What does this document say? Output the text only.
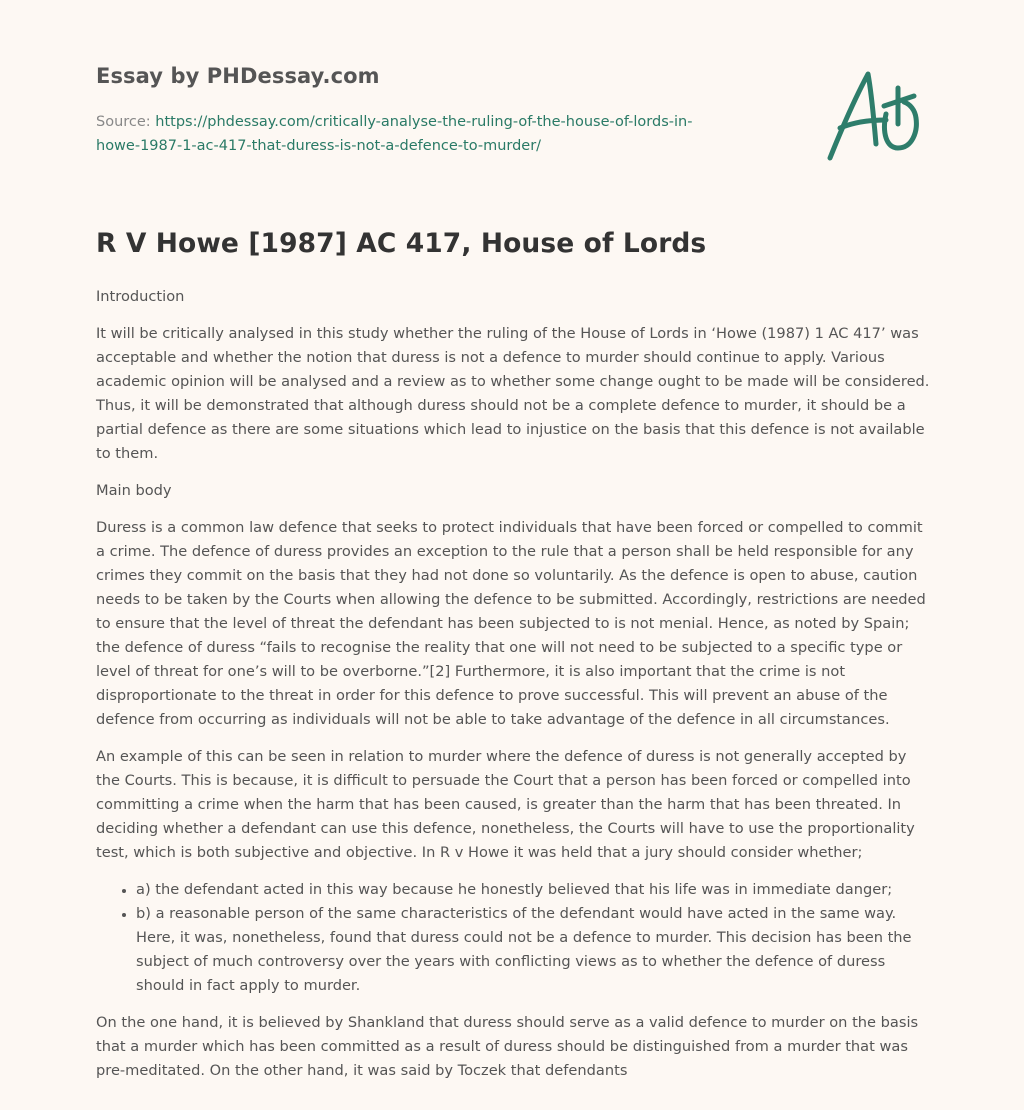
Essay by PHDessay.com
Source: https://phdessay.com/critically-analyse-the-ruling-of-the-house-of-lords-in-
howe-1987-1-ac-417-that-duress-is-not-a-defence-to-murder/
R V Howe [1987] AC 417, House of Lords

Introduction

It will be critically analysed in this study whether the ruling of the House of Lords in ‘Howe (1987) 1 AC 417’ was acceptable and whether the notion that duress is not a defence to murder should continue to apply. Various academic opinion will be analysed and a review as to whether some change ought to be made will be considered. Thus, it will be demonstrated that although duress should not be a complete defence to murder, it should be a partial defence as there are some situations which lead to injustice on the basis that this defence is not available to them.

Main body

Duress is a common law defence that seeks to protect individuals that have been forced or compelled to commit a crime. The defence of duress provides an exception to the rule that a person shall be held responsible for any crimes they commit on the basis that they had not done so voluntarily. As the defence is open to abuse, caution needs to be taken by the Courts when allowing the defence to be submitted. Accordingly, restrictions are needed to ensure that the level of threat the defendant has been subjected to is not menial. Hence, as noted by Spain; the defence of duress “fails to recognise the reality that one will not need to be subjected to a specific type or level of threat for one’s will to be overborne.”[2] Furthermore, it is also important that the crime is not disproportionate to the threat in order for this defence to prove successful. This will prevent an abuse of the defence from occurring as individuals will not be able to take advantage of the defence in all circumstances.

An example of this can be seen in relation to murder where the defence of duress is not generally accepted by the Courts. This is because, it is difficult to persuade the Court that a person has been forced or compelled into committing a crime when the harm that has been caused, is greater than the harm that has been threated. In deciding whether a defendant can use this defence, nonetheless, the Courts will have to use the proportionality test, which is both subjective and objective. In R v Howe it was held that a jury should consider whether;

• a) the defendant acted in this way because he honestly believed that his life was in immediate danger;
• b) a reasonable person of the same characteristics of the defendant would have acted in the same way. Here, it was, nonetheless, found that duress could not be a defence to murder. This decision has been the subject of much controversy over the years with conflicting views as to whether the defence of duress should in fact apply to murder.

On the one hand, it is believed by Shankland that duress should serve as a valid defence to murder on the basis that a murder which has been committed as a result of duress should be distinguished from a murder that was pre-meditated. On the other hand, it was said by Toczek that defendants
